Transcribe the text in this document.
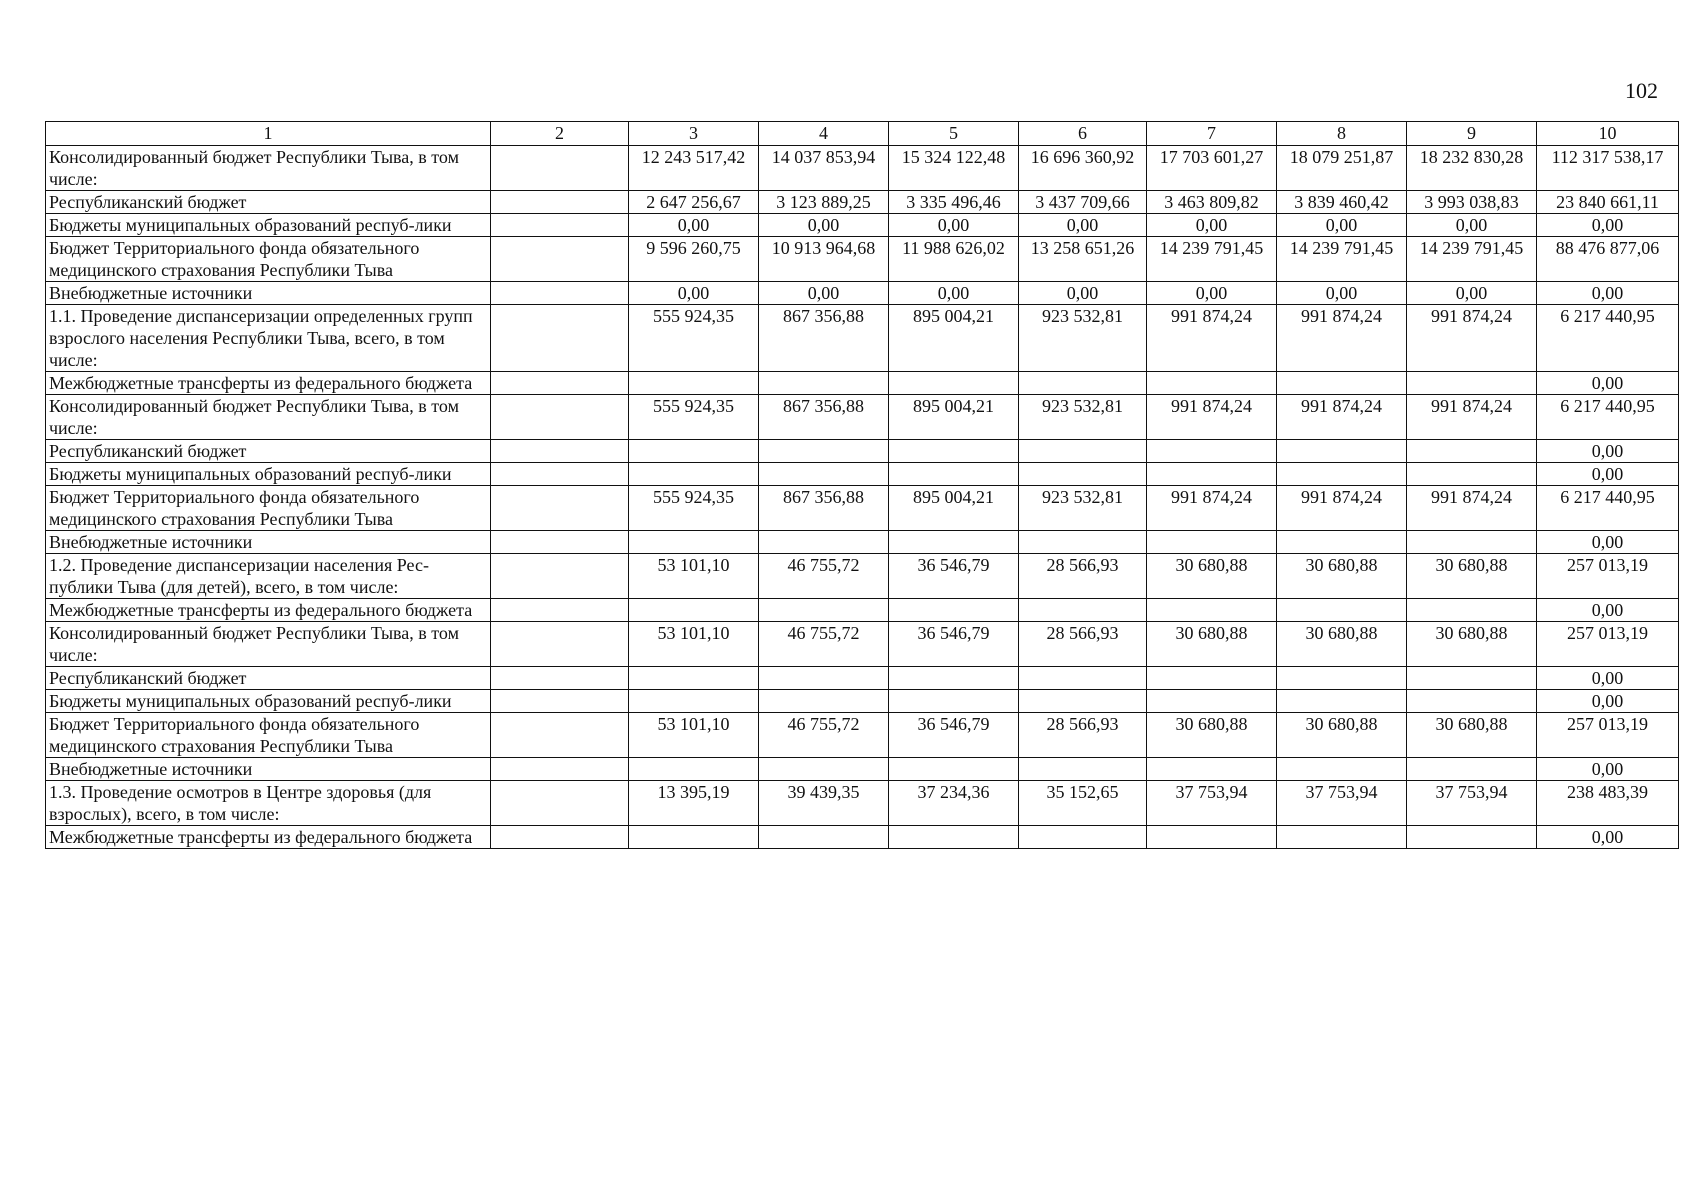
102
1	2	3	4	5	6	7	8	9	10
Консолидированный бюджет Республики Тыва, в том числе:		12 243 517,42	14 037 853,94	15 324 122,48	16 696 360,92	17 703 601,27	18 079 251,87	18 232 830,28	112 317 538,17
Республиканский бюджет		2 647 256,67	3 123 889,25	3 335 496,46	3 437 709,66	3 463 809,82	3 839 460,42	3 993 038,83	23 840 661,11
Бюджеты муниципальных образований респуб-лики		0,00	0,00	0,00	0,00	0,00	0,00	0,00	0,00
Бюджет Территориального фонда обязательного медицинского страхования Республики Тыва		9 596 260,75	10 913 964,68	11 988 626,02	13 258 651,26	14 239 791,45	14 239 791,45	14 239 791,45	88 476 877,06
Внебюджетные источники		0,00	0,00	0,00	0,00	0,00	0,00	0,00	0,00
1.1. Проведение диспансеризации определенных групп взрослого населения Республики Тыва, всего, в том числе:		555 924,35	867 356,88	895 004,21	923 532,81	991 874,24	991 874,24	991 874,24	6 217 440,95
Межбюджетные трансферты из федерального бюджета									0,00
Консолидированный бюджет Республики Тыва, в том числе:		555 924,35	867 356,88	895 004,21	923 532,81	991 874,24	991 874,24	991 874,24	6 217 440,95
Республиканский бюджет									0,00
Бюджеты муниципальных образований респуб-лики									0,00
Бюджет Территориального фонда обязательного медицинского страхования Республики Тыва		555 924,35	867 356,88	895 004,21	923 532,81	991 874,24	991 874,24	991 874,24	6 217 440,95
Внебюджетные источники									0,00
1.2. Проведение диспансеризации населения Рес-публики Тыва (для детей), всего, в том числе:		53 101,10	46 755,72	36 546,79	28 566,93	30 680,88	30 680,88	30 680,88	257 013,19
Межбюджетные трансферты из федерального бюджета									0,00
Консолидированный бюджет Республики Тыва, в том числе:		53 101,10	46 755,72	36 546,79	28 566,93	30 680,88	30 680,88	30 680,88	257 013,19
Республиканский бюджет									0,00
Бюджеты муниципальных образований респуб-лики									0,00
Бюджет Территориального фонда обязательного медицинского страхования Республики Тыва		53 101,10	46 755,72	36 546,79	28 566,93	30 680,88	30 680,88	30 680,88	257 013,19
Внебюджетные источники									0,00
1.3. Проведение осмотров в Центре здоровья (для взрослых), всего, в том числе:		13 395,19	39 439,35	37 234,36	35 152,65	37 753,94	37 753,94	37 753,94	238 483,39
Межбюджетные трансферты из федерального бюджета									0,00
